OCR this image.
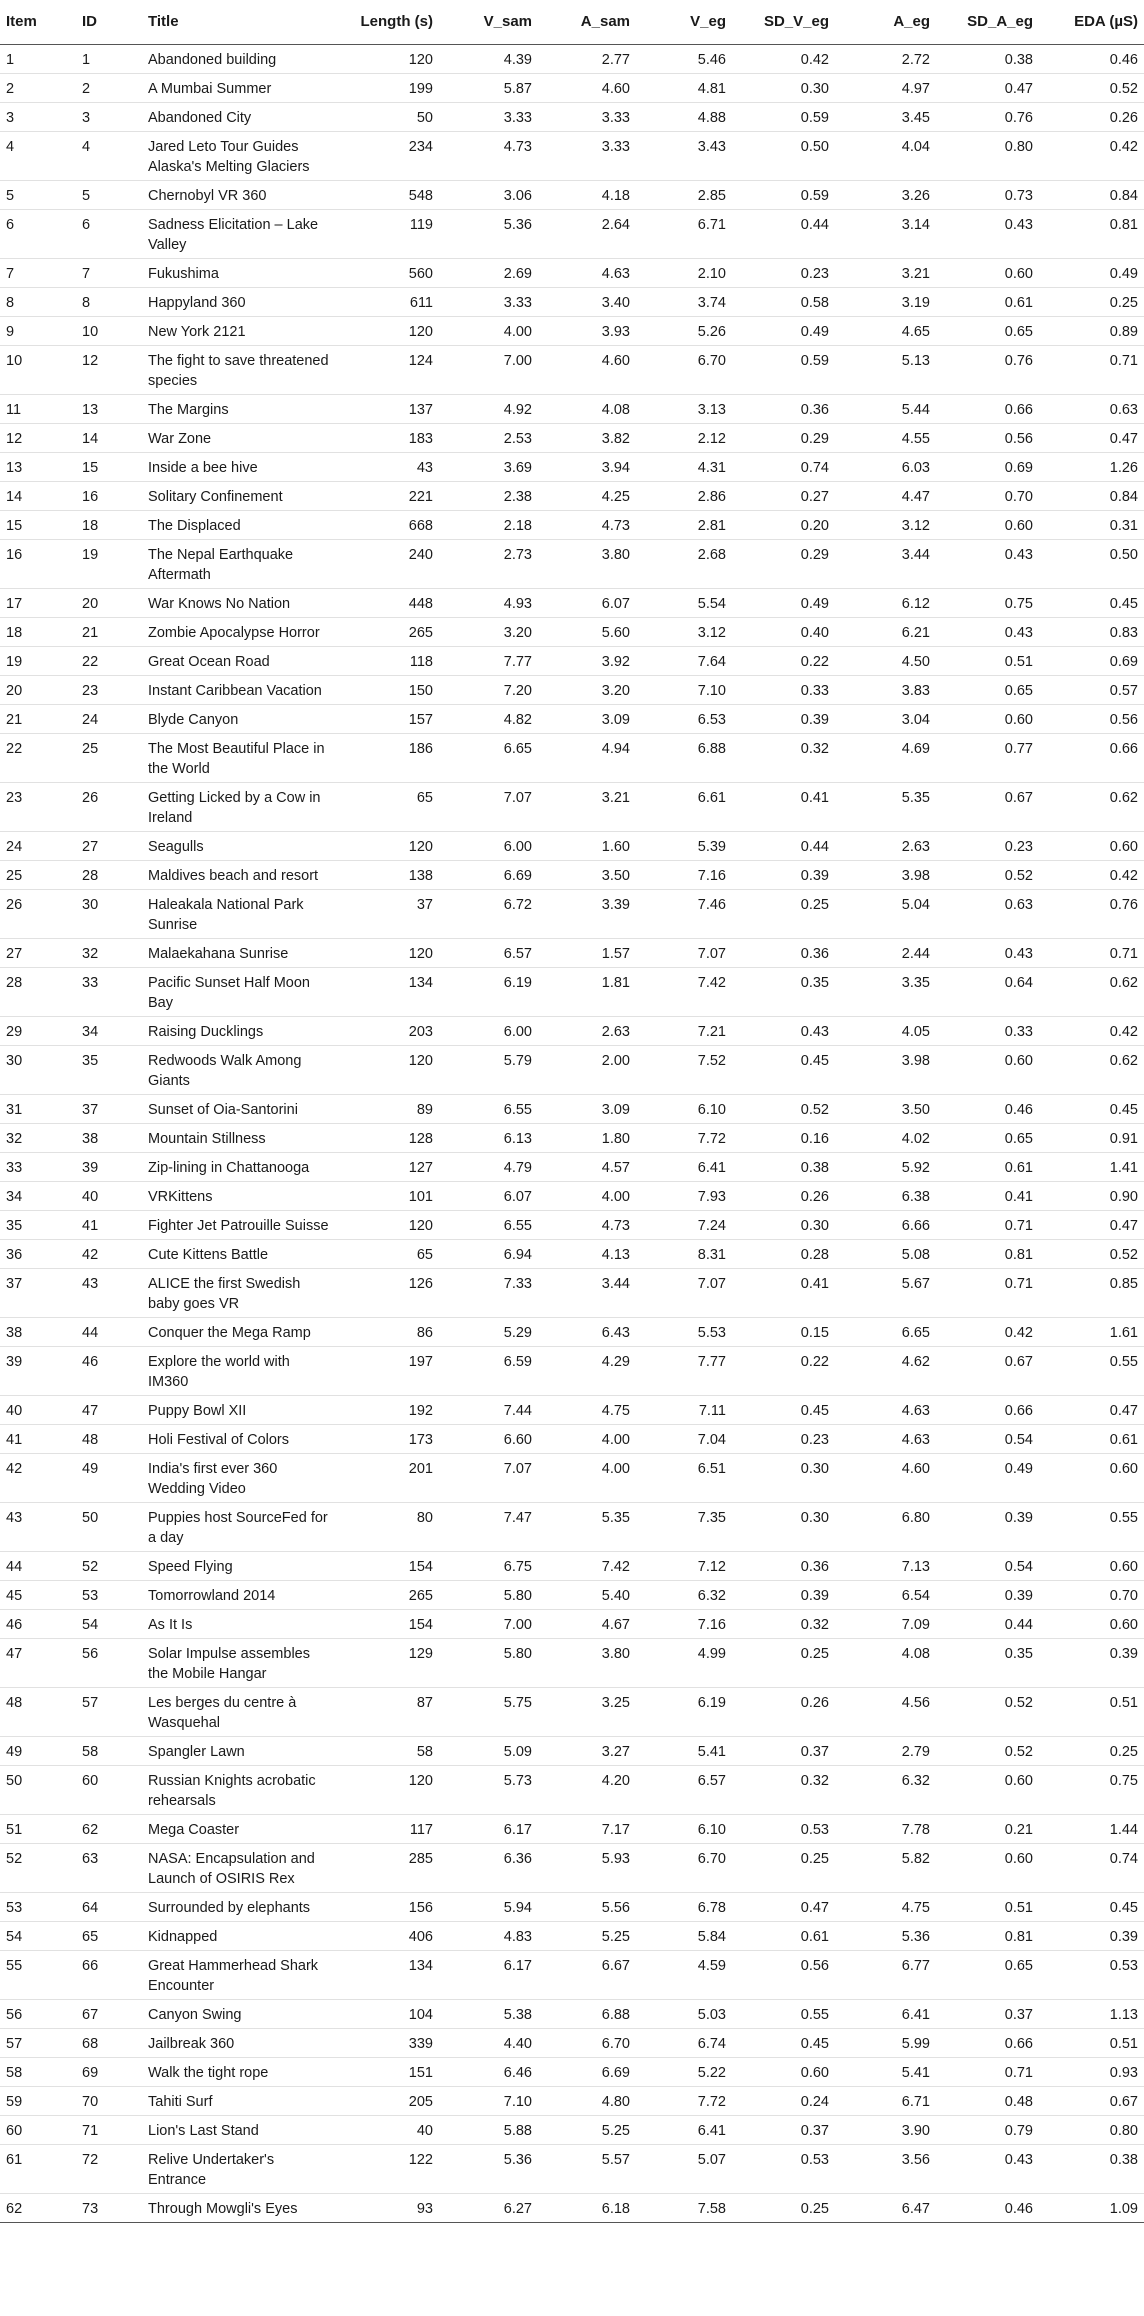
Item	ID	Title	Length (s)	V_sam	A_sam	V_eg	SD_V_eg	A_eg	SD_A_eg	EDA (µS)
1	1	Abandoned building	120	4.39	2.77	5.46	0.42	2.72	0.38	0.46
2	2	A Mumbai Summer	199	5.87	4.60	4.81	0.30	4.97	0.47	0.52
3	3	Abandoned City	50	3.33	3.33	4.88	0.59	3.45	0.76	0.26
4	4	Jared Leto Tour Guides Alaska's Melting Glaciers	234	4.73	3.33	3.43	0.50	4.04	0.80	0.42
5	5	Chernobyl VR 360	548	3.06	4.18	2.85	0.59	3.26	0.73	0.84
6	6	Sadness Elicitation – Lake Valley	119	5.36	2.64	6.71	0.44	3.14	0.43	0.81
7	7	Fukushima	560	2.69	4.63	2.10	0.23	3.21	0.60	0.49
8	8	Happyland 360	611	3.33	3.40	3.74	0.58	3.19	0.61	0.25
9	10	New York 2121	120	4.00	3.93	5.26	0.49	4.65	0.65	0.89
10	12	The fight to save threatened species	124	7.00	4.60	6.70	0.59	5.13	0.76	0.71
11	13	The Margins	137	4.92	4.08	3.13	0.36	5.44	0.66	0.63
12	14	War Zone	183	2.53	3.82	2.12	0.29	4.55	0.56	0.47
13	15	Inside a bee hive	43	3.69	3.94	4.31	0.74	6.03	0.69	1.26
14	16	Solitary Confinement	221	2.38	4.25	2.86	0.27	4.47	0.70	0.84
15	18	The Displaced	668	2.18	4.73	2.81	0.20	3.12	0.60	0.31
16	19	The Nepal Earthquake Aftermath	240	2.73	3.80	2.68	0.29	3.44	0.43	0.50
17	20	War Knows No Nation	448	4.93	6.07	5.54	0.49	6.12	0.75	0.45
18	21	Zombie Apocalypse Horror	265	3.20	5.60	3.12	0.40	6.21	0.43	0.83
19	22	Great Ocean Road	118	7.77	3.92	7.64	0.22	4.50	0.51	0.69
20	23	Instant Caribbean Vacation	150	7.20	3.20	7.10	0.33	3.83	0.65	0.57
21	24	Blyde Canyon	157	4.82	3.09	6.53	0.39	3.04	0.60	0.56
22	25	The Most Beautiful Place in the World	186	6.65	4.94	6.88	0.32	4.69	0.77	0.66
23	26	Getting Licked by a Cow in Ireland	65	7.07	3.21	6.61	0.41	5.35	0.67	0.62
24	27	Seagulls	120	6.00	1.60	5.39	0.44	2.63	0.23	0.60
25	28	Maldives beach and resort	138	6.69	3.50	7.16	0.39	3.98	0.52	0.42
26	30	Haleakala National Park Sunrise	37	6.72	3.39	7.46	0.25	5.04	0.63	0.76
27	32	Malaekahana Sunrise	120	6.57	1.57	7.07	0.36	2.44	0.43	0.71
28	33	Pacific Sunset Half Moon Bay	134	6.19	1.81	7.42	0.35	3.35	0.64	0.62
29	34	Raising Ducklings	203	6.00	2.63	7.21	0.43	4.05	0.33	0.42
30	35	Redwoods Walk Among Giants	120	5.79	2.00	7.52	0.45	3.98	0.60	0.62
31	37	Sunset of Oia-Santorini	89	6.55	3.09	6.10	0.52	3.50	0.46	0.45
32	38	Mountain Stillness	128	6.13	1.80	7.72	0.16	4.02	0.65	0.91
33	39	Zip-lining in Chattanooga	127	4.79	4.57	6.41	0.38	5.92	0.61	1.41
34	40	VRKittens	101	6.07	4.00	7.93	0.26	6.38	0.41	0.90
35	41	Fighter Jet Patrouille Suisse	120	6.55	4.73	7.24	0.30	6.66	0.71	0.47
36	42	Cute Kittens Battle	65	6.94	4.13	8.31	0.28	5.08	0.81	0.52
37	43	ALICE the first Swedish baby goes VR	126	7.33	3.44	7.07	0.41	5.67	0.71	0.85
38	44	Conquer the Mega Ramp	86	5.29	6.43	5.53	0.15	6.65	0.42	1.61
39	46	Explore the world with IM360	197	6.59	4.29	7.77	0.22	4.62	0.67	0.55
40	47	Puppy Bowl XII	192	7.44	4.75	7.11	0.45	4.63	0.66	0.47
41	48	Holi Festival of Colors	173	6.60	4.00	7.04	0.23	4.63	0.54	0.61
42	49	India's first ever 360 Wedding Video	201	7.07	4.00	6.51	0.30	4.60	0.49	0.60
43	50	Puppies host SourceFed for a day	80	7.47	5.35	7.35	0.30	6.80	0.39	0.55
44	52	Speed Flying	154	6.75	7.42	7.12	0.36	7.13	0.54	0.60
45	53	Tomorrowland 2014	265	5.80	5.40	6.32	0.39	6.54	0.39	0.70
46	54	As It Is	154	7.00	4.67	7.16	0.32	7.09	0.44	0.60
47	56	Solar Impulse assembles the Mobile Hangar	129	5.80	3.80	4.99	0.25	4.08	0.35	0.39
48	57	Les berges du centre à Wasquehal	87	5.75	3.25	6.19	0.26	4.56	0.52	0.51
49	58	Spangler Lawn	58	5.09	3.27	5.41	0.37	2.79	0.52	0.25
50	60	Russian Knights acrobatic rehearsals	120	5.73	4.20	6.57	0.32	6.32	0.60	0.75
51	62	Mega Coaster	117	6.17	7.17	6.10	0.53	7.78	0.21	1.44
52	63	NASA: Encapsulation and Launch of OSIRIS Rex	285	6.36	5.93	6.70	0.25	5.82	0.60	0.74
53	64	Surrounded by elephants	156	5.94	5.56	6.78	0.47	4.75	0.51	0.45
54	65	Kidnapped	406	4.83	5.25	5.84	0.61	5.36	0.81	0.39
55	66	Great Hammerhead Shark Encounter	134	6.17	6.67	4.59	0.56	6.77	0.65	0.53
56	67	Canyon Swing	104	5.38	6.88	5.03	0.55	6.41	0.37	1.13
57	68	Jailbreak 360	339	4.40	6.70	6.74	0.45	5.99	0.66	0.51
58	69	Walk the tight rope	151	6.46	6.69	5.22	0.60	5.41	0.71	0.93
59	70	Tahiti Surf	205	7.10	4.80	7.72	0.24	6.71	0.48	0.67
60	71	Lion's Last Stand	40	5.88	5.25	6.41	0.37	3.90	0.79	0.80
61	72	Relive Undertaker's Entrance	122	5.36	5.57	5.07	0.53	3.56	0.43	0.38
62	73	Through Mowgli's Eyes	93	6.27	6.18	7.58	0.25	6.47	0.46	1.09
